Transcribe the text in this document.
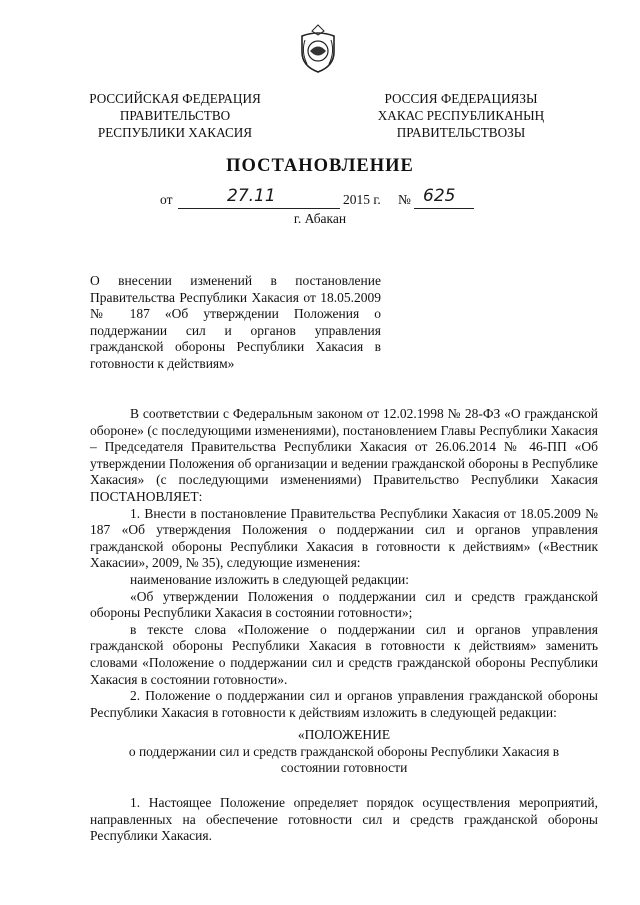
РОССИЙСКАЯ ФЕДЕРАЦИЯ
ПРАВИТЕЛЬСТВО
РЕСПУБЛИКИ ХАКАСИЯ
РОССИЯ ФЕДЕРАЦИЯЗЫ
ХАКАС РЕСПУБЛИКАНЫҢ
ПРАВИТЕЛЬСТВОЗЫ
ПОСТАНОВЛЕНИЕ
от	27.11	2015 г. № 625
г. Абакан
О внесении изменений в постановление Правительства Республики Хакасия от 18.05.2009 № 187 «Об утверждении Положения о поддержании сил и органов управления гражданской обороны Республики Хакасия в готовности к действиям»

В соответствии с Федеральным законом от 12.02.1998 № 28-ФЗ «О гражданской обороне» (с последующими изменениями), постановлением Главы Республики Хакасия – Председателя Правительства Республики Хакасия от 26.06.2014 № 46-ПП «Об утверждении Положения об организации и ведении гражданской обороны в Республике Хакасия» (с последующими изменениями) Правительство Республики Хакасия ПОСТАНОВЛЯЕТ:

1. Внести в постановление Правительства Республики Хакасия от 18.05.2009 № 187 «Об утверждения Положения о поддержании сил и органов управления гражданской обороны Республики Хакасия в готовности к действиям» («Вестник Хакасии», 2009, № 35), следующие изменения:

наименование изложить в следующей редакции:

«Об утверждении Положения о поддержании сил и средств гражданской обороны Республики Хакасия в состоянии готовности»;

в тексте слова «Положение о поддержании сил и органов управления гражданской обороны Республики Хакасия в готовности к действиям» заменить словами «Положение о поддержании сил и средств гражданской обороны Республики Хакасия в состоянии готовности».

2. Положение о поддержании сил и органов управления гражданской обороны Республики Хакасия в готовности к действиям изложить в следующей редакции:

«ПОЛОЖЕНИЕ

о поддержании сил и средств гражданской обороны Республики Хакасия в состоянии готовности

1. Настоящее Положение определяет порядок осуществления мероприятий, направленных на обеспечение готовности сил и средств гражданской обороны Республики Хакасия.
